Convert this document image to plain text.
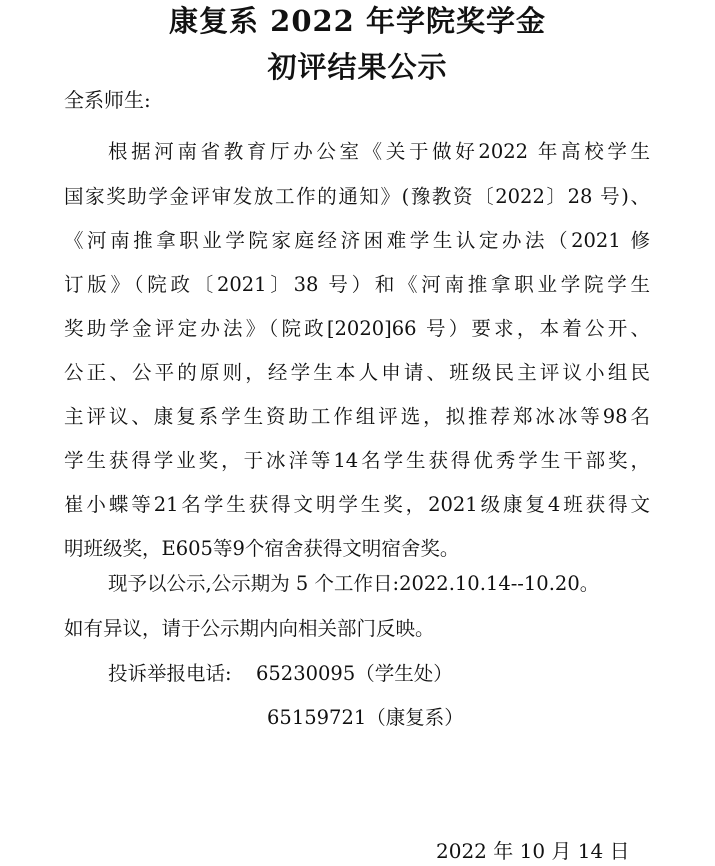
康复系 2022 年学院奖学金
初评结果公示
全系师生:
根据河南省教育厅办公室《关于做好2022 年高校学生
国家奖助学金评审发放工作的通知》(豫教资〔2022〕28 号)、
《河南推拿职业学院家庭经济困难学生认定办法（2021 修
订版》（院政〔2021〕38 号）和《河南推拿职业学院学生
奖助学金评定办法》（院政[2020]66 号）要求，本着公开、
公正、公平的原则，经学生本人申请、班级民主评议小组民
主评议、康复系学生资助工作组评选，拟推荐郑冰冰等98名
学生获得学业奖，于冰洋等14名学生获得优秀学生干部奖，
崔小蝶等21名学生获得文明学生奖，2021级康复4班获得文
明班级奖，E605等9个宿舍获得文明宿舍奖。
现予以公示,公示期为 5 个工作日:2022.10.14--10.20。
如有异议，请于公示期内向相关部门反映。
投诉举报电话: 65230095（学生处）
65159721（康复系）
2022 年 10 月 14 日
